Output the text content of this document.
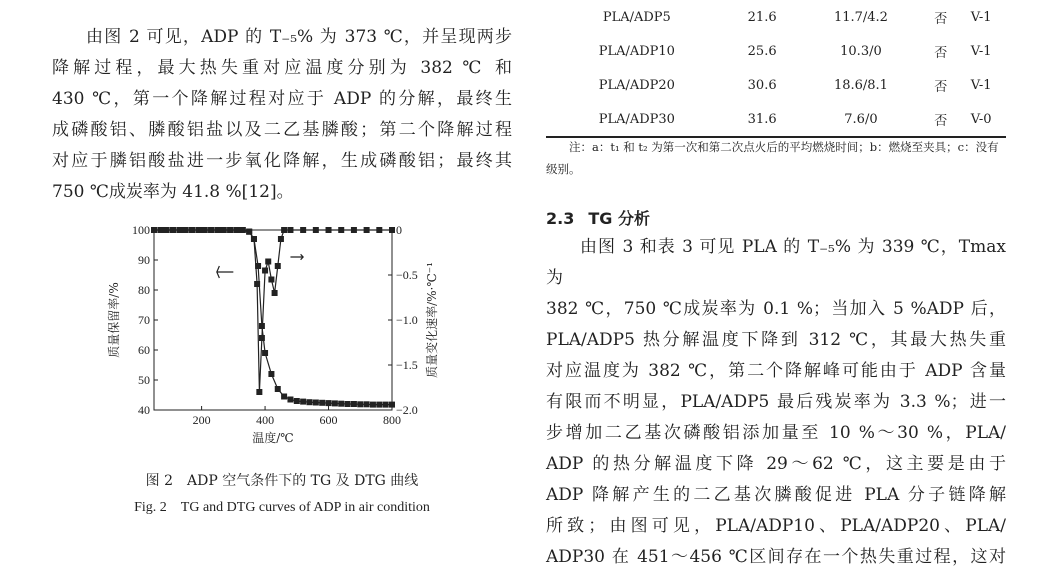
由图 2 可见，ADP 的 T₋₅% 为 373 ℃，并呈现两步
降解过程，最大热失重对应温度分别为 382 ℃ 和
430 ℃，第一个降解过程对应于 ADP 的分解，最终生
成磷酸铝、膦酸铝盐以及二乙基膦酸；第二个降解过程
对应于膦铝酸盐进一步氧化降解，生成磷酸铝；最终其
750 ℃成炭率为 41.8 %[12]。
40
50
60
70
80
90
100
200	400	600	800
0
−0.5
−1.0
−1.5
−2.0
温度/℃
质量保留率/%	质量变化速率/%·℃⁻¹
图 2　ADP 空气条件下的 TG 及 DTG 曲线
Fig. 2　TG and DTG curves of ADP in air condition
PLA/ADP5	21.6	11.7/4.2	否	V-1
PLA/ADP10	25.6	10.3/0	否	V-1
PLA/ADP20	30.6	18.6/8.1	否	V-1
PLA/ADP30	31.6	7.6/0	否	V-0

注：a：t₁ 和 t₂ 为第一次和第二次点火后的平均燃烧时间；b：燃烧至夹具；c：没有级别。

2.3 TG 分析
由图 3 和表 3 可见 PLA 的 T₋₅% 为 339 ℃，Tmax 为
382 ℃，750 ℃成炭率为 0.1 %；当加入 5 %ADP 后，
PLA/ADP5 热分解温度下降到 312 ℃，其最大热失重
对应温度为 382 ℃，第二个降解峰可能由于 ADP 含量
有限而不明显，PLA/ADP5 最后残炭率为 3.3 %；进一
步增加二乙基次磷酸铝添加量至 10 %～30 %，PLA/
ADP 的热分解温度下降 29～62 ℃，这主要是由于
ADP 降解产生的二乙基次膦酸促进 PLA 分子链降解
所致；由图可见，PLA/ADP10、PLA/ADP20、PLA/
ADP30 在 451～456 ℃区间存在一个热失重过程，这对
